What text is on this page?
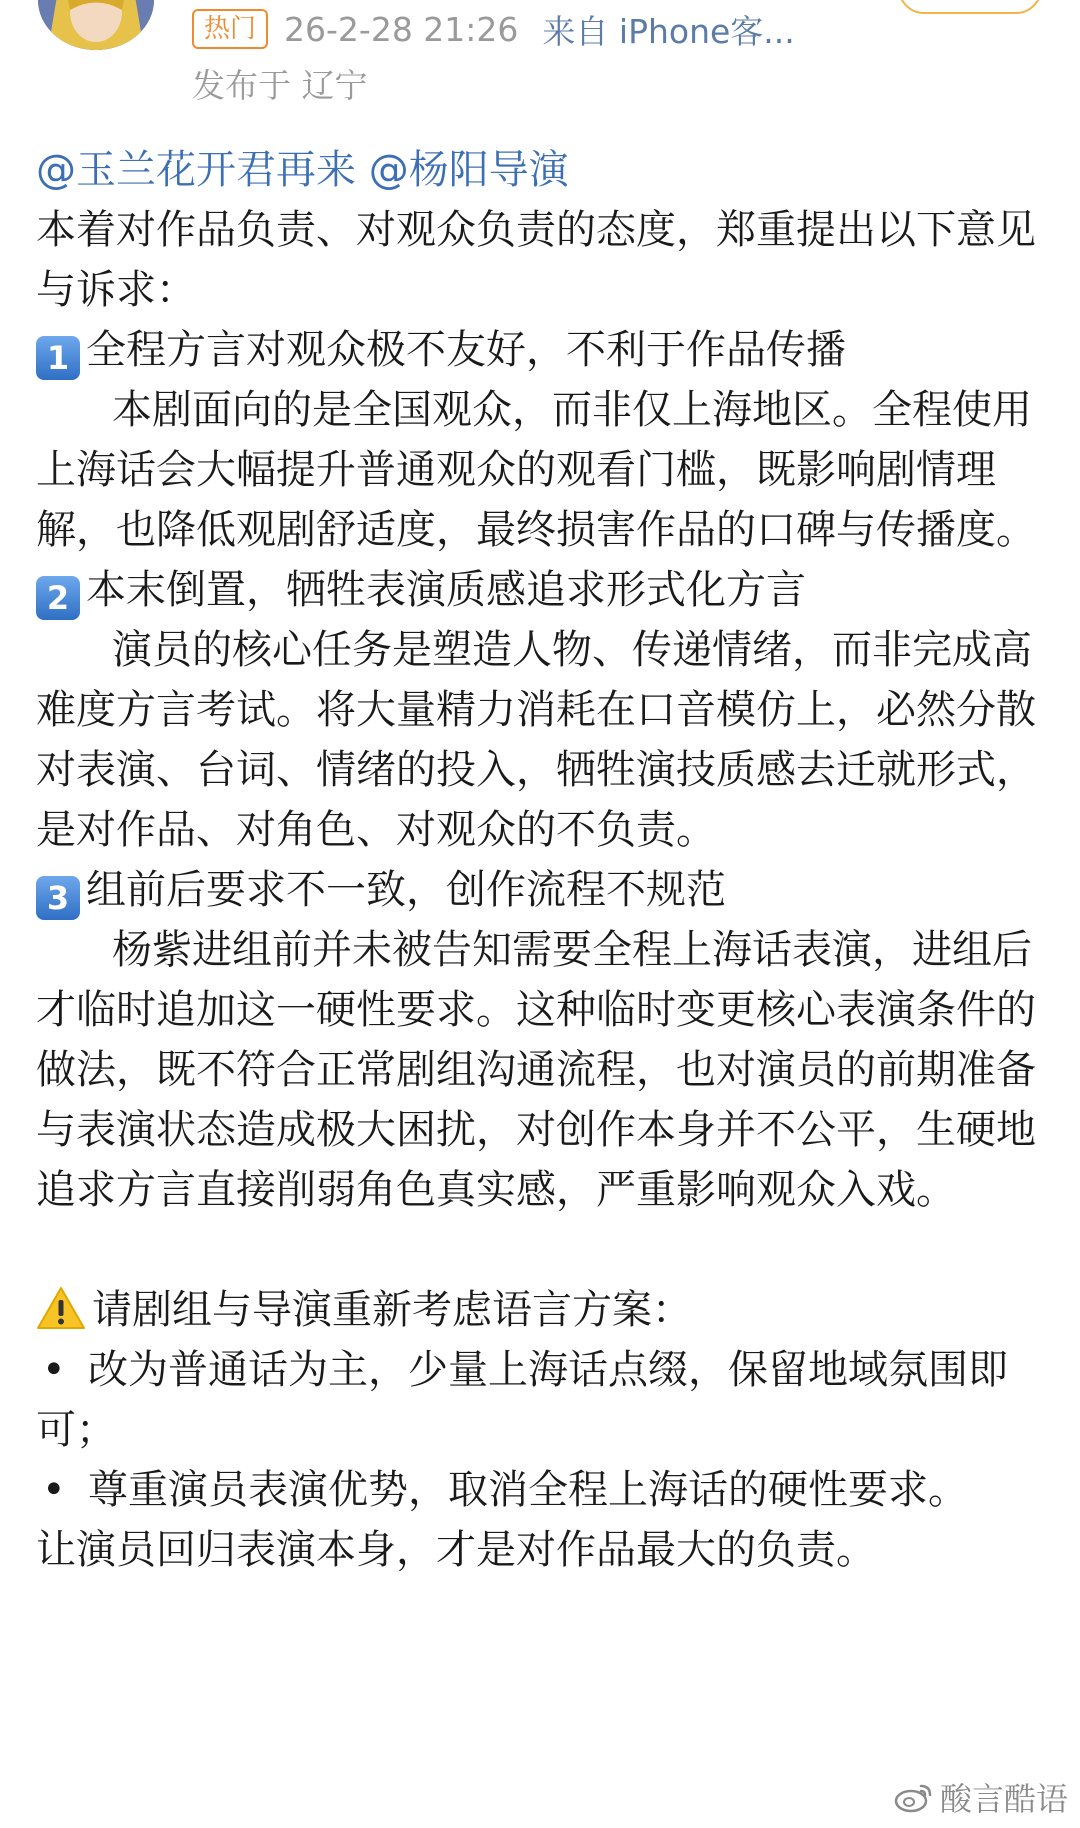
热门 26-2-28 21:26 来自 iPhone客...
发布于 辽宁

@玉兰花开君再来 @杨阳导演

本着对作品负责、对观众负责的态度，郑重提出以下意见与诉求：

1 全程方言对观众极不友好，不利于作品传播

本剧面向的是全国观众，而非仅上海地区。全程使用上海话会大幅提升普通观众的观看门槛，既影响剧情理解，也降低观剧舒适度，最终损害作品的口碑与传播度。

2 本末倒置，牺牲表演质感追求形式化方言

演员的核心任务是塑造人物、传递情绪，而非完成高难度方言考试。将大量精力消耗在口音模仿上，必然分散对表演、台词、情绪的投入，牺牲演技质感去迁就形式，是对作品、对角色、对观众的不负责。

3 组前后要求不一致，创作流程不规范

杨紫进组前并未被告知需要全程上海话表演，进组后才临时追加这一硬性要求。这种临时变更核心表演条件的做法，既不符合正常剧组沟通流程，也对演员的前期准备与表演状态造成极大困扰，对创作本身并不公平，生硬地追求方言直接削弱角色真实感，严重影响观众入戏。

请剧组与导演重新考虑语言方案：

• 改为普通话为主，少量上海话点缀，保留地域氛围即可；

• 尊重演员表演优势，取消全程上海话的硬性要求。

让演员回归表演本身，才是对作品最大的负责。

酸言酷语
